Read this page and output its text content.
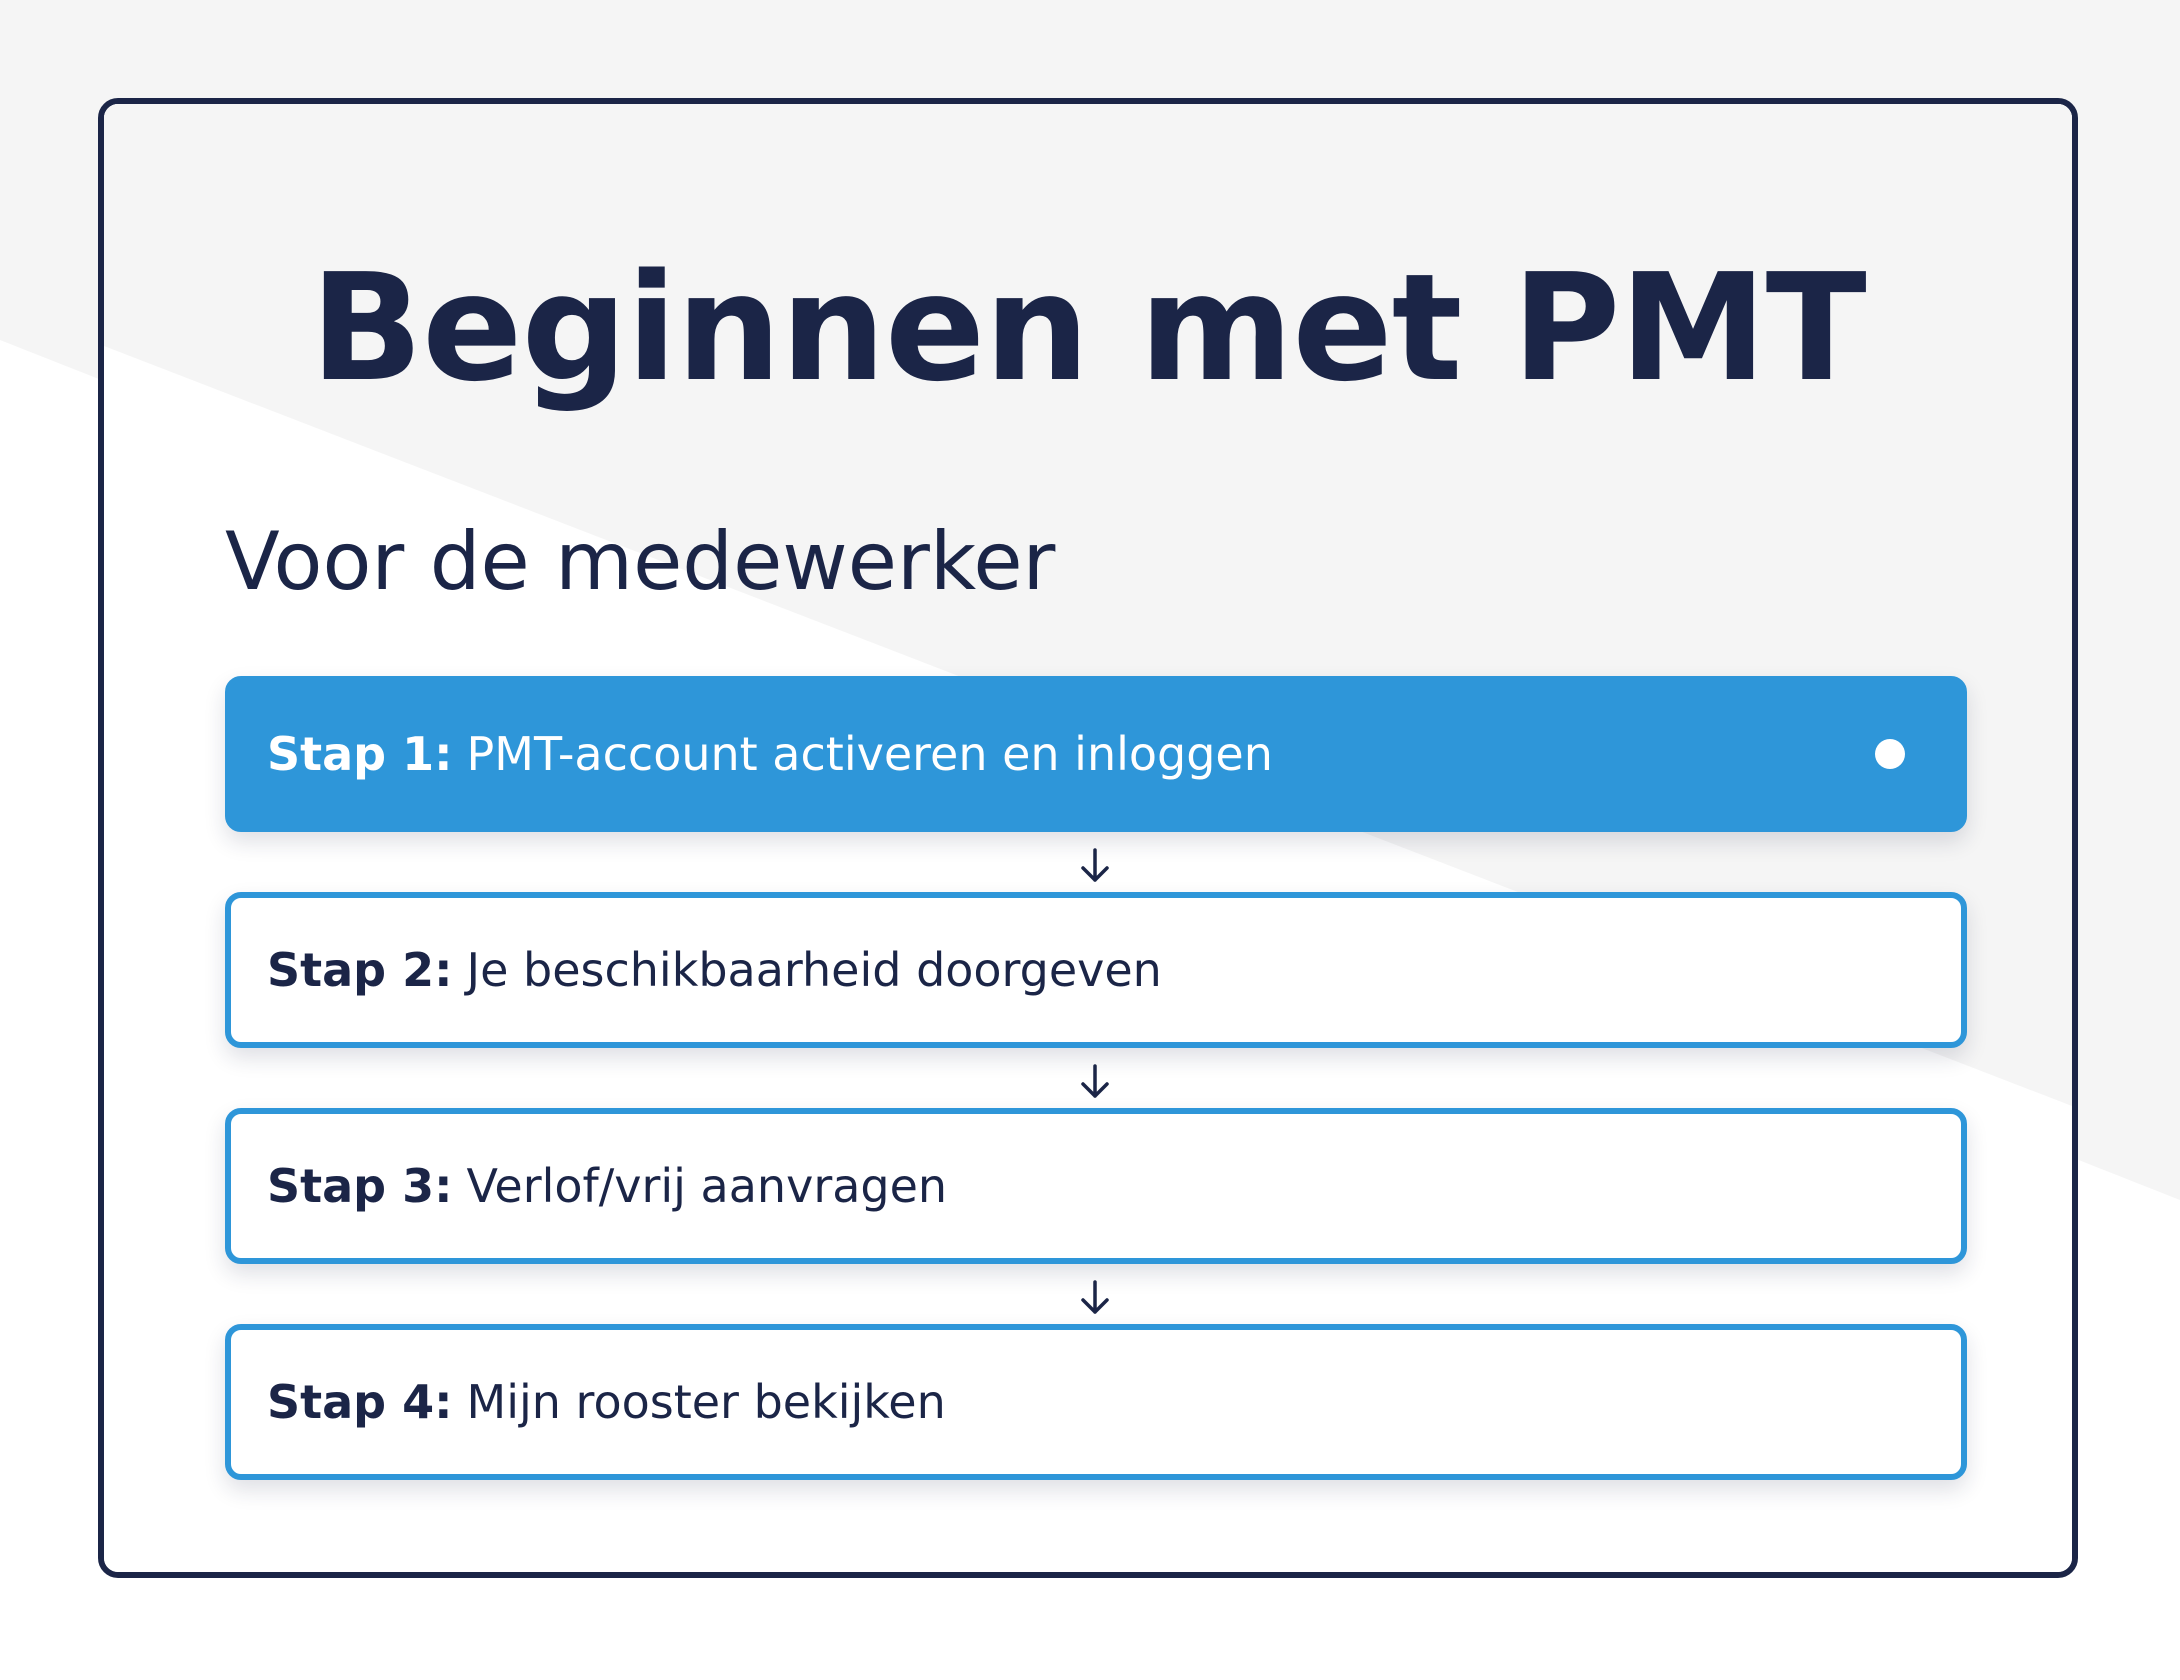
Beginnen met PMT
Voor de medewerker
Stap 1: PMT-account activeren en inloggen
Stap 2: Je beschikbaarheid doorgeven
Stap 3: Verlof/vrij aanvragen
Stap 4: Mijn rooster bekijken
